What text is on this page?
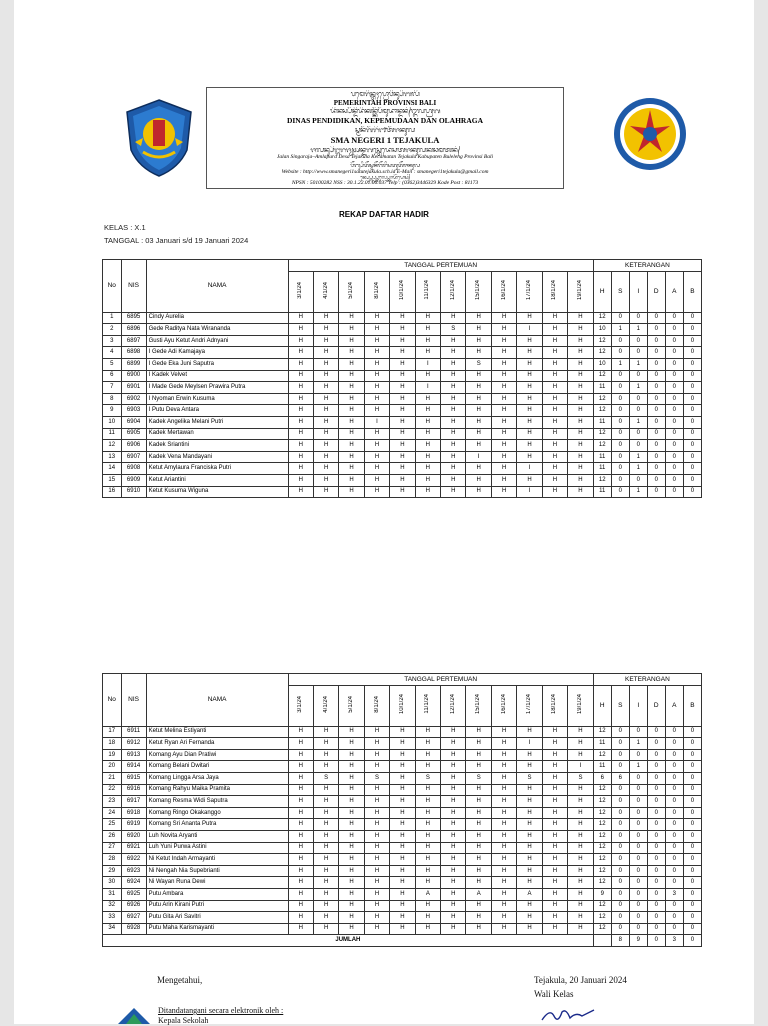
ᬧᬫᬾᬭᬶᬦ᭄ᬢᬄᬧ᭄ᬭᭀᬯᬶᬦ᭄ᬲᬶᬩᬮᬶ
PEMERINTAH PROVINSI BALI
ᬤᬶᬦᬲ᭄ᬧᭂᬦ᭄ᬤᬶᬤᬶᬓᬦ᭄ᬓᭂᬧᭂᬫᬸᬤᬵᬦ᭄ᬤᬦ᭄ᬑᬮᬳ᭄ᬭᬕ
DINAS PENDIDIKAN, KEPEMUDAAN DAN OLAHRAGA
ᬲ᭄ᬫᬦᭂᬕᭂᬭᬶ᭑ᬢᭂᬚᬓᬸᬮ
SMA NEGERI 1 TEJAKULA
ᬚᬮᬦ᭄ᬲᬶᬗ᭄ᬕᬭᬚ᭄ᬬᬅᬦ᭄ᬤᬕᬲ᭄ᬢᬾᬤᬾᬲᬢᬚᬓᬸᬮᬓᬘᬫᬢᬦ᭄
Jalan Singaraja–Amlapura Desa Tejakula Kecamatan Tejakula Kabupaten Buleleng Provinsi Bali
ᬯᭂᬩ᭄ᬲᬶᬢᭂᬲ᭄ᬫᬦᭂᬕᭂᬭᬶᬲᬢᬸᬢᭂᬚᬓᬸᬮ
Website : http://www.smanegeri1satutejakula.sch.id E-Mail : smanegeri1tejakula@gmail.com
ᬦ᭄ᬧ᭄ᬲ᭄ᬦ᭄ᬲ᭄ᬲ᭄ᬢᬾᬮ᭄ᬧ᭄ᬓᭀᬤᭂᬧᭀᬲ᭄
NPSN : 50100282 NSS : 30.1.22.01.06.037 Telp : (0362)3446329 Kode Post : 81173
REKAP DAFTAR HADIR
KELAS : X.1
TANGGAL : 03 Januari s/d 19 Januari 2024
No	NIS	NAMA	TANGGAL PERTEMUAN												KETERANGAN					
			3/1/24	4/1/24	5/1/24	8/1/24	10/1/24	11/1/24	12/1/24	15/1/24	16/1/24	17/1/24	18/1/24	19/1/24	H	S	I	D	A	B
1	6895	Cindy Aurelia	H	H	H	H	H	H	H	H	H	H	H	H	12	0	0	0	0	0
2	6896	Gede Raditya Nata Wirananda	H	H	H	H	H	H	S	H	H	I	H	H	10	1	1	0	0	0
3	6897	Gusti Ayu Ketut Andri Adnyani	H	H	H	H	H	H	H	H	H	H	H	H	12	0	0	0	0	0
4	6898	I Gede Adi Kamajaya	H	H	H	H	H	H	H	H	H	H	H	H	12	0	0	0	0	0
5	6899	I Gede Eka Juni Saputra	H	H	H	H	H	I	H	S	H	H	H	H	10	1	1	0	0	0
6	6900	I Kadek Velvet	H	H	H	H	H	H	H	H	H	H	H	H	12	0	0	0	0	0
7	6901	I Made Gede Meylsen Prawira Putra	H	H	H	H	H	I	H	H	H	H	H	H	11	0	1	0	0	0
8	6902	I Nyoman Erwin Kusuma	H	H	H	H	H	H	H	H	H	H	H	H	12	0	0	0	0	0
9	6903	I Putu Deva Antara	H	H	H	H	H	H	H	H	H	H	H	H	12	0	0	0	0	0
10	6904	Kadek Angelika Melani Putri	H	H	H	I	H	H	H	H	H	H	H	H	11	0	1	0	0	0
11	6905	Kadek Mertawan	H	H	H	H	H	H	H	H	H	H	H	H	12	0	0	0	0	0
12	6906	Kadek Sriantini	H	H	H	H	H	H	H	H	H	H	H	H	12	0	0	0	0	0
13	6907	Kadek Vena Mandayani	H	H	H	H	H	H	H	I	H	H	H	H	11	0	1	0	0	0
14	6908	Ketut Amylaura Franciska Putri	H	H	H	H	H	H	H	H	H	I	H	H	11	0	1	0	0	0
15	6909	Ketut Ariantini	H	H	H	H	H	H	H	H	H	H	H	H	12	0	0	0	0	0
16	6910	Ketut Kusuma Wiguna	H	H	H	H	H	H	H	H	H	I	H	H	11	0	1	0	0	0
No	NIS	NAMA	TANGGAL PERTEMUAN												KETERANGAN					
			3/1/24	4/1/24	5/1/24	8/1/24	10/1/24	11/1/24	12/1/24	15/1/24	16/1/24	17/1/24	18/1/24	19/1/24	H	S	I	D	A	B
17	6911	Ketut Melina Estiyanti	H	H	H	H	H	H	H	H	H	H	H	H	12	0	0	0	0	0
18	6912	Ketut Ryan Ari Fernanda	H	H	H	H	H	H	H	H	H	I	H	H	11	0	1	0	0	0
19	6913	Komang Ayu Dian Pratiwi	H	H	H	H	H	H	H	H	H	H	H	H	12	0	0	0	0	0
20	6914	Komang Belani Dwitari	H	H	H	H	H	H	H	H	H	H	H	I	11	0	1	0	0	0
21	6915	Komang Lingga Arsa Jaya	H	S	H	S	H	S	H	S	H	S	H	S	6	6	0	0	0	0
22	6916	Komang Rahyu Maika Pramita	H	H	H	H	H	H	H	H	H	H	H	H	12	0	0	0	0	0
23	6917	Komang Resma Widi Saputra	H	H	H	H	H	H	H	H	H	H	H	H	12	0	0	0	0	0
24	6918	Komang Ringo Okakanggo	H	H	H	H	H	H	H	H	H	H	H	H	12	0	0	0	0	0
25	6919	Komang Sri Ananta Putra	H	H	H	H	H	H	H	H	H	H	H	H	12	0	0	0	0	0
26	6920	Luh Novita Aryanti	H	H	H	H	H	H	H	H	H	H	H	H	12	0	0	0	0	0
27	6921	Luh Yuni Purwa Astini	H	H	H	H	H	H	H	H	H	H	H	H	12	0	0	0	0	0
28	6922	Ni Ketut Indah Armayanti	H	H	H	H	H	H	H	H	H	H	H	H	12	0	0	0	0	0
29	6923	Ni Nengah Nia Supebrianti	H	H	H	H	H	H	H	H	H	H	H	H	12	0	0	0	0	0
30	6924	Ni Wayan Runa Dewi	H	H	H	H	H	H	H	H	H	H	H	H	12	0	0	0	0	0
31	6925	Putu Ambara	H	H	H	H	H	A	H	A	H	A	H	H	9	0	0	0	3	0
32	6926	Putu Arin Kirani Putri	H	H	H	H	H	H	H	H	H	H	H	H	12	0	0	0	0	0
33	6927	Putu Gita Ari Savitri	H	H	H	H	H	H	H	H	H	H	H	H	12	0	0	0	0	0
34	6928	Putu Maha Karismayanti	H	H	H	H	H	H	H	H	H	H	H	H	12	0	0	0	0	0
JUMLAH																8	9	0	3	0
Mengetahui,
Ditandatangani secara elektronik oleh :
Kepala Sekolah
Tejakula, 20 Januari 2024
Wali Kelas
